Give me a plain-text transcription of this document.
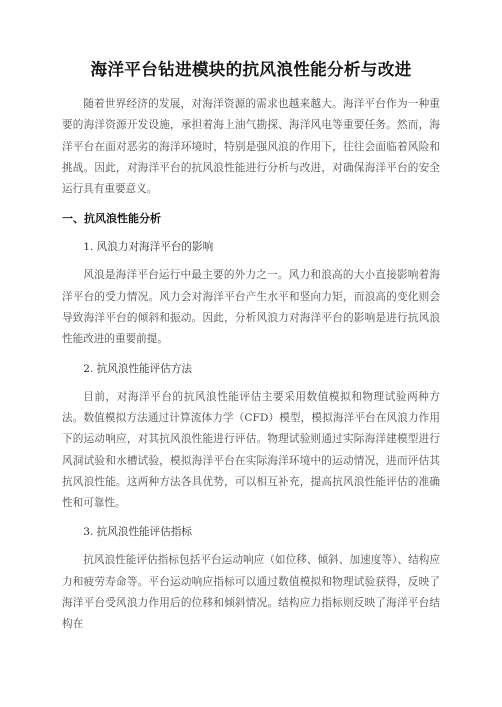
海洋平台钻进模块的抗风浪性能分析与改进

随着世界经济的发展，对海洋资源的需求也越来越大。海洋平台作为一种重要的海洋资源开发设施，承担着海上油气勘探、海洋风电等重要任务。然而，海洋平台在面对恶劣的海洋环境时，特别是强风浪的作用下，往往会面临着风险和挑战。因此，对海洋平台的抗风浪性能进行分析与改进，对确保海洋平台的安全运行具有重要意义。

一、抗风浪性能分析
1. 风浪力对海洋平台的影响

风浪是海洋平台运行中最主要的外力之一。风力和浪高的大小直接影响着海洋平台的受力情况。风力会对海洋平台产生水平和竖向力矩，而浪高的变化则会导致海洋平台的倾斜和振动。因此，分析风浪力对海洋平台的影响是进行抗风浪性能改进的重要前提。

2. 抗风浪性能评估方法

目前，对海洋平台的抗风浪性能评估主要采用数值模拟和物理试验两种方法。数值模拟方法通过计算流体力学（CFD）模型，模拟海洋平台在风浪力作用下的运动响应，对其抗风浪性能进行评估。物理试验则通过实际海洋建模型进行风洞试验和水槽试验，模拟海洋平台在实际海洋环境中的运动情况，进而评估其抗风浪性能。这两种方法各具优势，可以相互补充，提高抗风浪性能评估的准确性和可靠性。

3. 抗风浪性能评估指标

抗风浪性能评估指标包括平台运动响应（如位移、倾斜、加速度等）、结构应力和疲劳寿命等。平台运动响应指标可以通过数值模拟和物理试验获得，反映了海洋平台受风浪力作用后的位移和倾斜情况。结构应力指标则反映了海洋平台结构在
